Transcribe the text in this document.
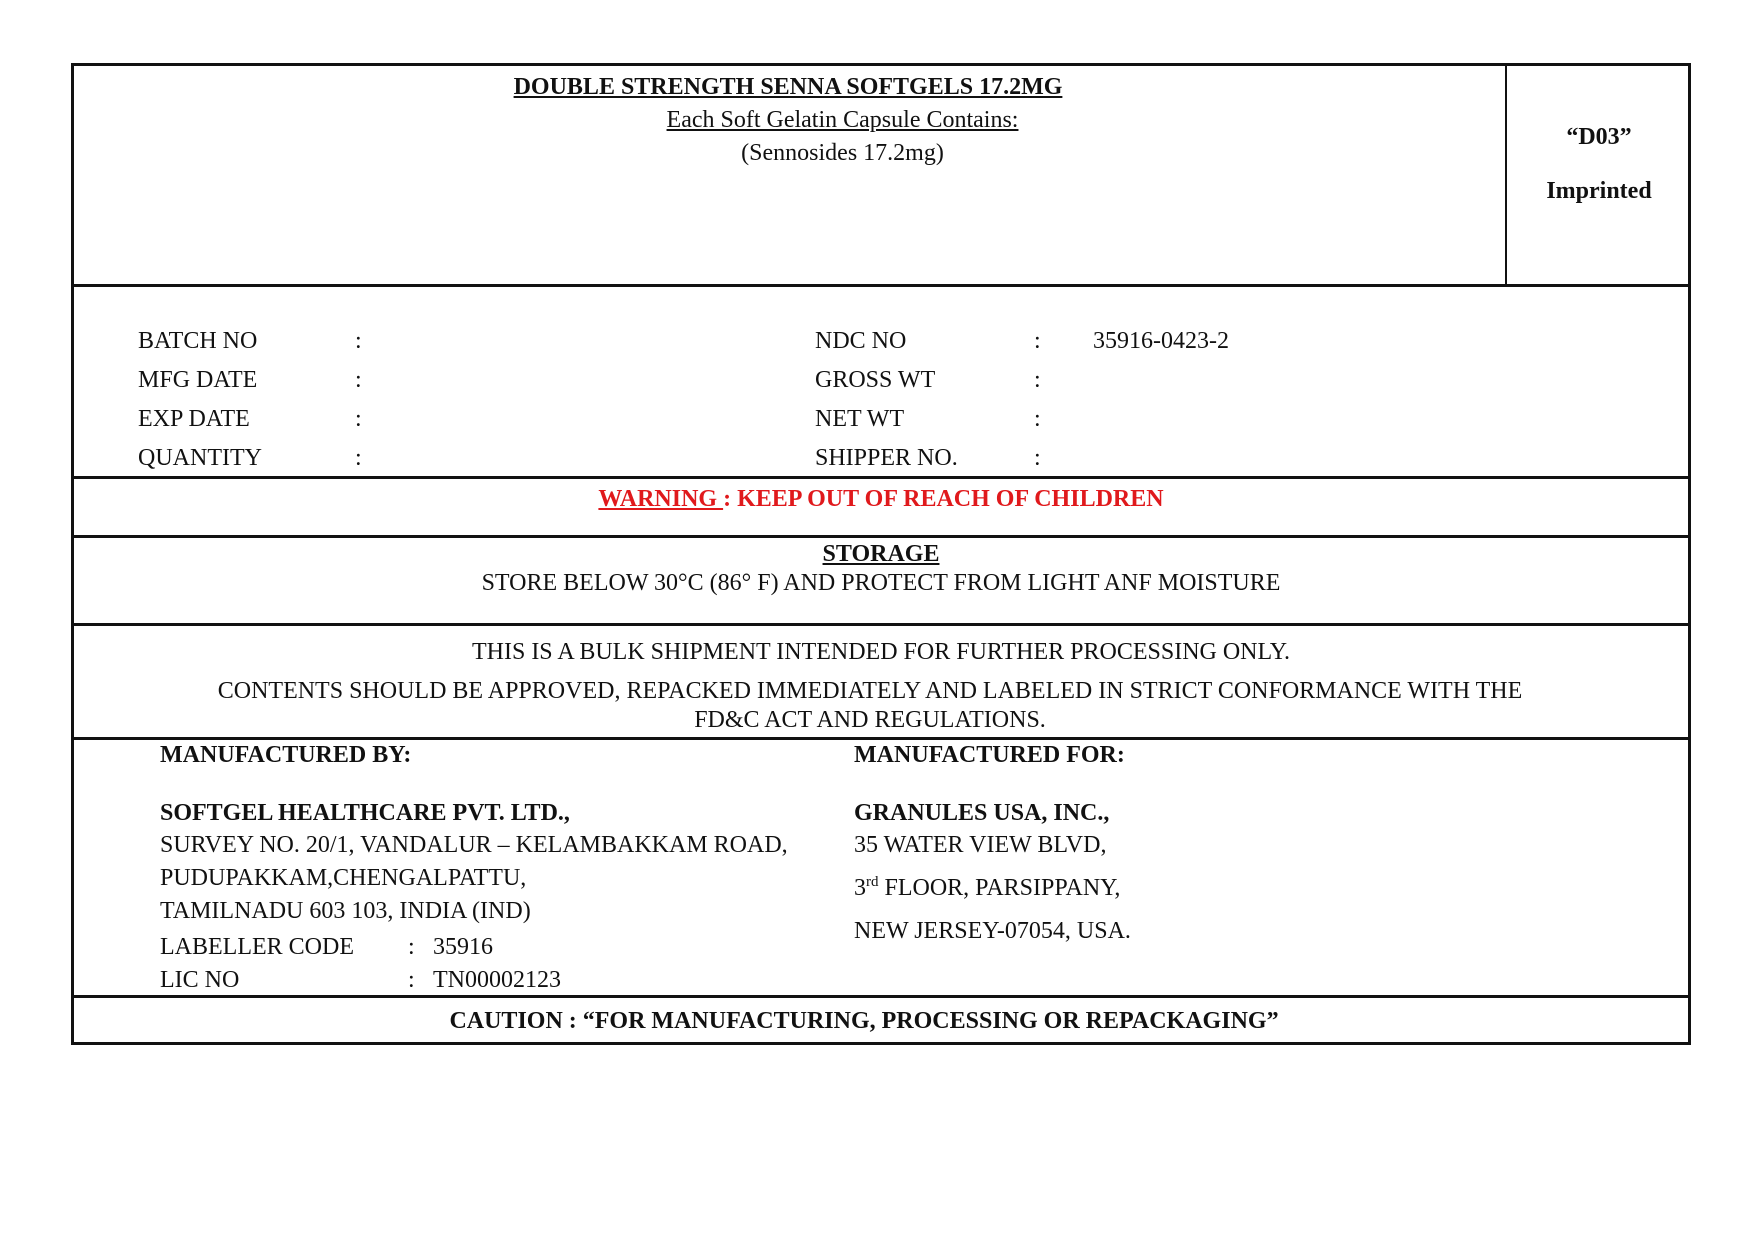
DOUBLE STRENGTH SENNA SOFTGELS 17.2MG
Each Soft Gelatin Capsule Contains:
(Sennosides 17.2mg)
“D03”
Imprinted
BATCH NO	:
MFG DATE	:
EXP DATE	:
QUANTITY	:
NDC NO	: 35916-0423-2
GROSS WT	:
NET WT	:
SHIPPER NO.	:
WARNING : KEEP OUT OF REACH OF CHILDREN
STORAGE
STORE BELOW 30°C (86° F) AND PROTECT FROM LIGHT ANF MOISTURE
THIS IS A BULK SHIPMENT INTENDED FOR FURTHER PROCESSING ONLY.
CONTENTS SHOULD BE APPROVED, REPACKED IMMEDIATELY AND LABELED IN STRICT CONFORMANCE WITH THE
FD&C ACT AND REGULATIONS.
MANUFACTURED BY:
SOFTGEL HEALTHCARE PVT. LTD.,
SURVEY NO. 20/1, VANDALUR – KELAMBAKKAM ROAD,
PUDUPAKKAM,CHENGALPATTU,
TAMILNADU 603 103, INDIA (IND)
LABELLER CODE : 35916
LIC NO	: TN00002123
MANUFACTURED FOR:
GRANULES USA, INC.,
35 WATER VIEW BLVD,
3rd FLOOR, PARSIPPANY,
NEW JERSEY-07054, USA.
CAUTION : “FOR MANUFACTURING, PROCESSING OR REPACKAGING”
